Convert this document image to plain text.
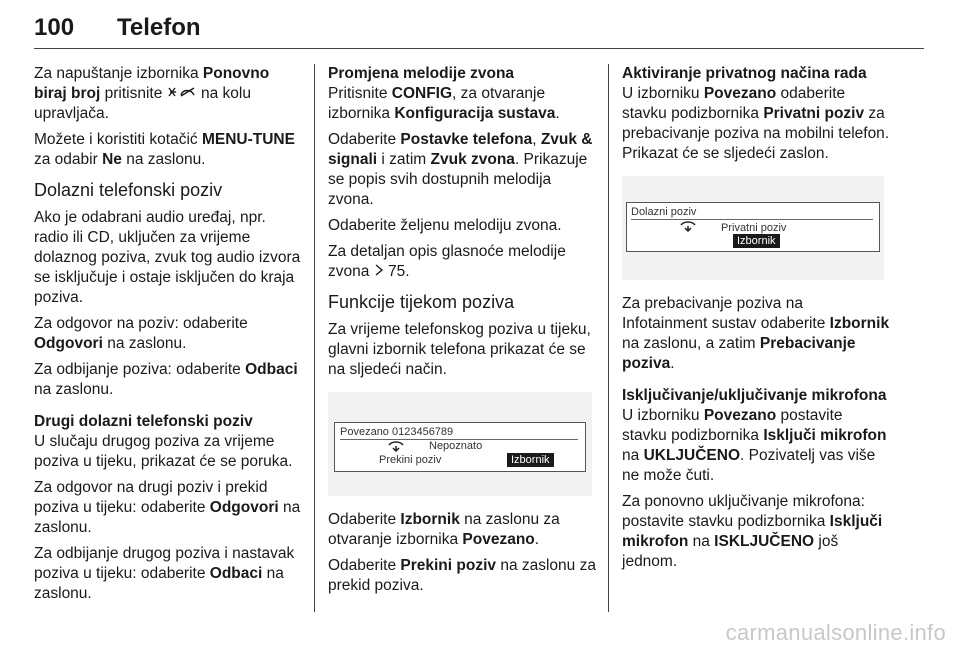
100 Telefon

Za napuštanje izbornika Ponovno biraj broj pritisnite  na kolu upravljača.

Možete i koristiti kotačić MENU-TUNE za odabir Ne na zaslonu.

Dolazni telefonski poziv

Ako je odabrani audio uređaj, npr. radio ili CD, uključen za vrijeme dolaznog poziva, zvuk tog audio izvora se isključuje i ostaje isključen do kraja poziva.

Za odgovor na poziv: odaberite Odgovori na zaslonu.

Za odbijanje poziva: odaberite Odbaci na zaslonu.

Drugi dolazni telefonski poziv

U slučaju drugog poziva za vrijeme poziva u tijeku, prikazat će se poruka.

Za odgovor na drugi poziv i prekid poziva u tijeku: odaberite Odgovori na zaslonu.

Za odbijanje drugog poziva i nastavak poziva u tijeku: odaberite Odbaci na zaslonu.

Promjena melodije zvona

Pritisnite CONFIG, za otvaranje izbornika Konfiguracija sustava.

Odaberite Postavke telefona, Zvuk & signali i zatim Zvuk zvona. Prikazuje se popis svih dostupnih melodija zvona.

Odaberite željenu melodiju zvona.

Za detaljan opis glasnoće melodije zvona  75.

Funkcije tijekom poziva

Za vrijeme telefonskog poziva u tijeku, glavni izbornik telefona prikazat će se na sljedeći način.

Povezano 0123456789
Nepoznato
Prekini poziv	Izbornik

Odaberite Izbornik na zaslonu za otvaranje izbornika Povezano.

Odaberite Prekini poziv na zaslonu za prekid poziva.

Aktiviranje privatnog načina rada

U izborniku Povezano odaberite stavku podizbornika Privatni poziv za prebacivanje poziva na mobilni telefon. Prikazat će se sljedeći zaslon.

Dolazni poziv
Privatni poziv
Izbornik

Za prebacivanje poziva na Infotainment sustav odaberite Izbornik na zaslonu, a zatim Prebacivanje poziva.

Isključivanje/uključivanje mikrofona

U izborniku Povezano postavite stavku podizbornika Isključi mikrofon na UKLJUČENO. Pozivatelj vas više ne može čuti.

Za ponovno uključivanje mikrofona: postavite stavku podizbornika Isključi mikrofon na ISKLJUČENO još jednom.

carmanualsonline.info
